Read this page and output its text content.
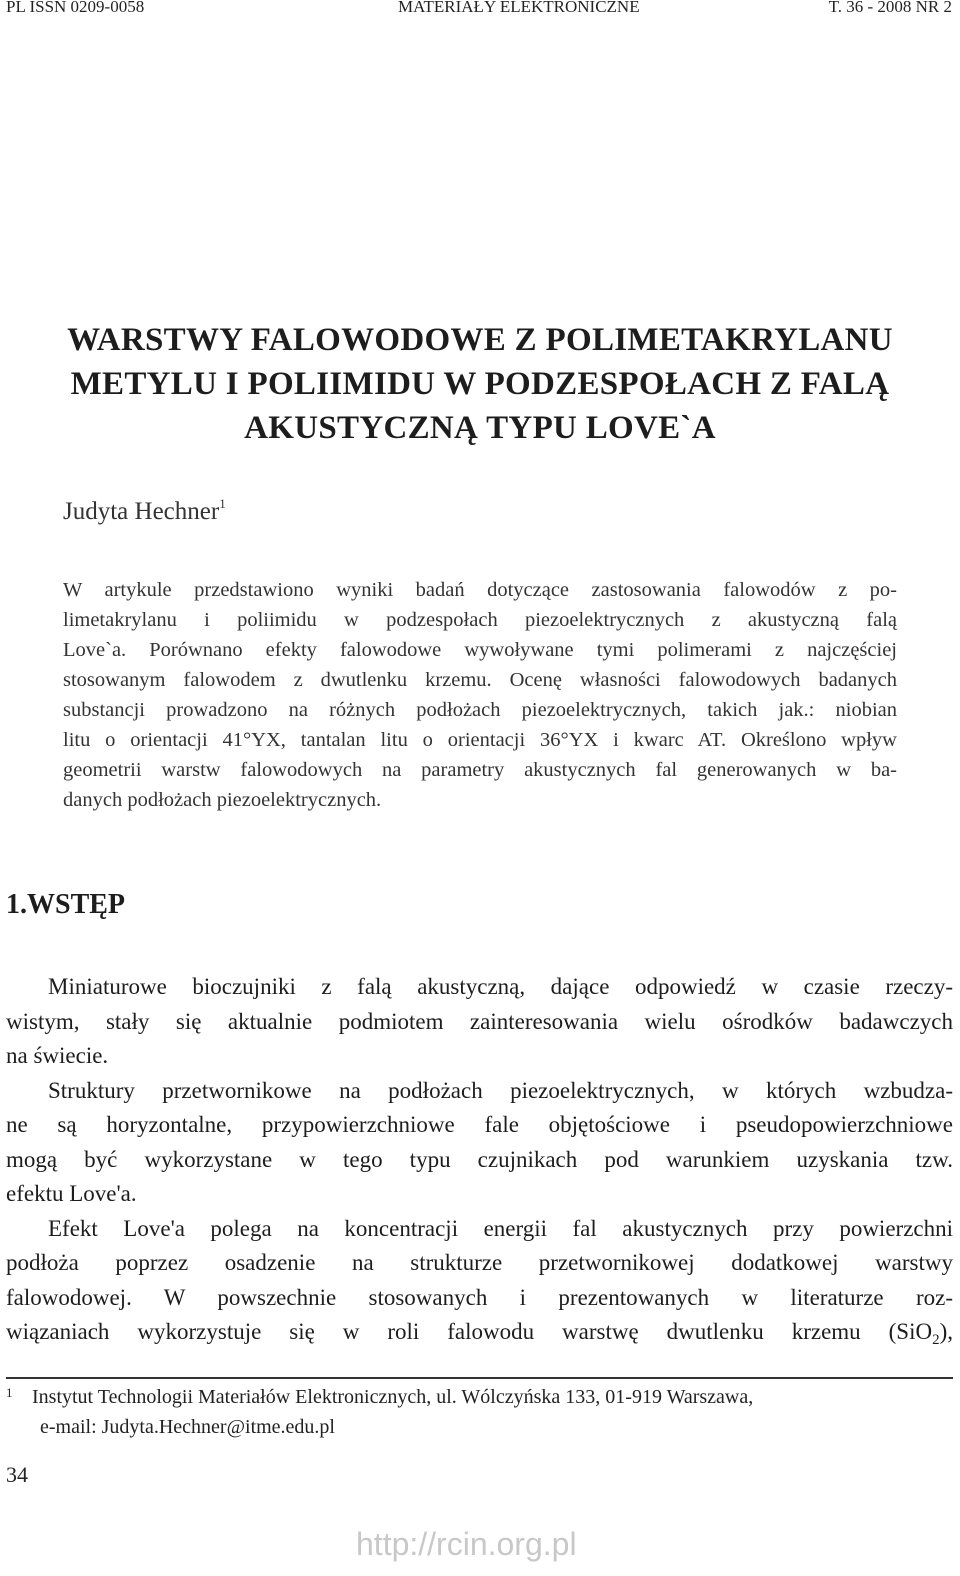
PL ISSN 0209-0058	MATERIAŁY ELEKTRONICZNE	T. 36 - 2008 NR 2
WARSTWY FALOWODOWE Z POLIMETAKRYLANU
METYLU I POLIIMIDU W PODZESPOŁACH Z FALĄ
AKUSTYCZNĄ TYPU LOVE`A
Judyta Hechner$^1$
W artykule przedstawiono wyniki badań dotyczące zastosowania falowodów z po-
limetakrylanu i poliimidu w podzespołach piezoelektrycznych z akustyczną falą
Love`a. Porównano efekty falowodowe wywoływane tymi polimerami z najczęściej
stosowanym falowodem z dwutlenku krzemu. Ocenę własności falowodowych badanych
substancji prowadzono na różnych podłożach piezoelektrycznych, takich jak.: niobian
litu o orientacji 41°YX, tantalan litu o orientacji 36°YX i kwarc AT. Określono wpływ
geometrii warstw falowodowych na parametry akustycznych fal generowanych w ba-
danych podłożach piezoelektrycznych.
1.WSTĘP
Miniaturowe bioczujniki z falą akustyczną, dające odpowiedź w czasie rzeczy-
wistym, stały się aktualnie podmiotem zainteresowania wielu ośrodków badawczych
na świecie.
Struktury przetwornikowe na podłożach piezoelektrycznych, w których wzbudza-
ne są horyzontalne, przypowierzchniowe fale objętościowe i pseudopowierzchniowe
mogą być wykorzystane w tego typu czujnikach pod warunkiem uzyskania tzw.
efektu Love'a.
Efekt Love'a polega na koncentracji energii fal akustycznych przy powierzchni
podłoża poprzez osadzenie na strukturze przetwornikowej dodatkowej warstwy
falowodowej. W powszechnie stosowanych i prezentowanych w literaturze roz-
wiązaniach wykorzystuje się w roli falowodu warstwę dwutlenku krzemu (SiO$_2$),
1 Instytut Technologii Materiałów Elektronicznych, ul. Wólczyńska 133, 01-919 Warszawa,
e-mail: Judyta.Hechner@itme.edu.pl
34
http://rcin.org.pl
